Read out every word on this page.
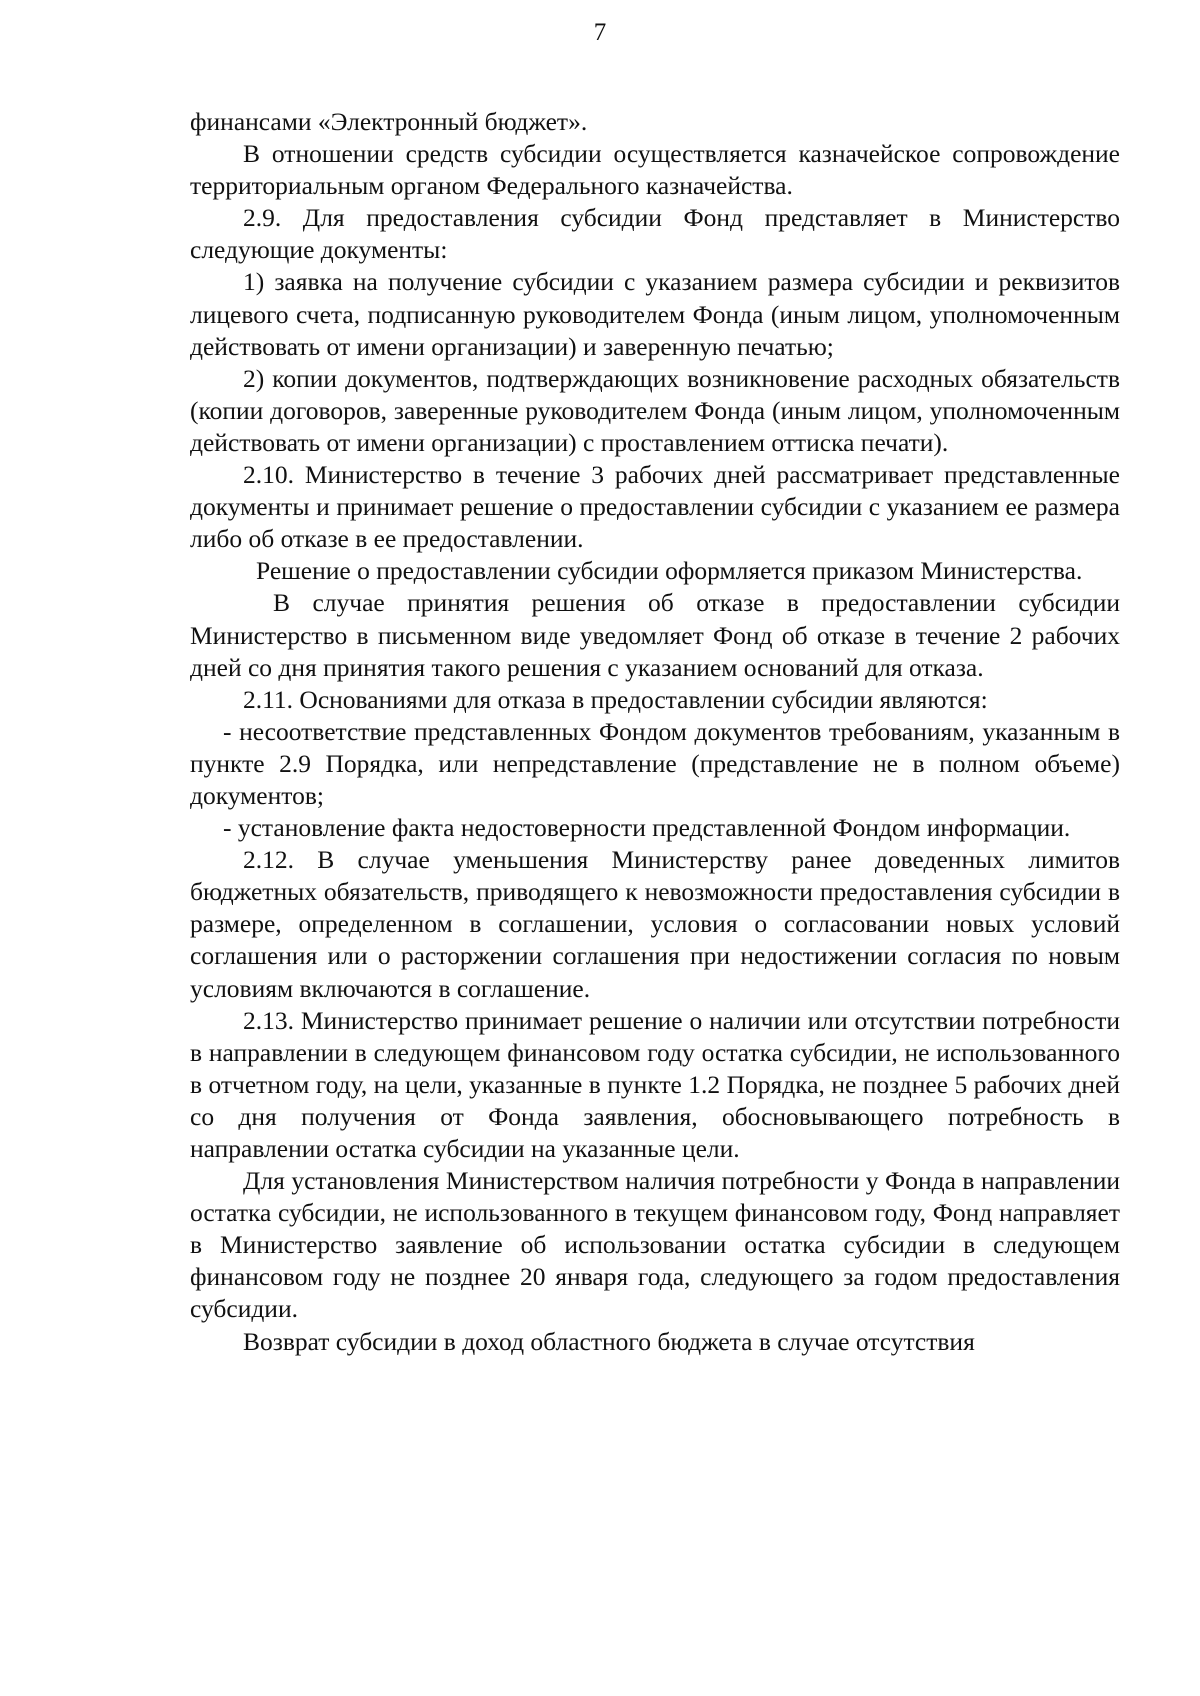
7

финансами «Электронный бюджет».

В отношении средств субсидии осуществляется казначейское сопровождение территориальным органом Федерального казначейства.

2.9. Для предоставления субсидии Фонд представляет в Министерство следующие документы:

1) заявка на получение субсидии с указанием размера субсидии и реквизитов лицевого счета, подписанную руководителем Фонда (иным лицом, уполномоченным действовать от имени организации) и заверенную печатью;

2) копии документов, подтверждающих возникновение расходных обязательств (копии договоров, заверенные руководителем Фонда (иным лицом, уполномоченным действовать от имени организации) с проставлением оттиска печати).

2.10. Министерство в течение 3 рабочих дней рассматривает представленные документы и принимает решение о предоставлении субсидии с указанием ее размера либо об отказе в ее предоставлении.

Решение о предоставлении субсидии оформляется приказом Министерства.

В случае принятия решения об отказе в предоставлении субсидии Министерство в письменном виде уведомляет Фонд об отказе в течение 2 рабочих дней со дня принятия такого решения с указанием оснований для отказа.

2.11. Основаниями для отказа в предоставлении субсидии являются:

- несоответствие представленных Фондом документов требованиям, указанным в пункте 2.9 Порядка, или непредставление (представление не в полном объеме) документов;

- установление факта недостоверности представленной Фондом информации.

2.12. В случае уменьшения Министерству ранее доведенных лимитов бюджетных обязательств, приводящего к невозможности предоставления субсидии в размере, определенном в соглашении, условия о согласовании новых условий соглашения или о расторжении соглашения при недостижении согласия по новым условиям включаются в соглашение.

2.13. Министерство принимает решение о наличии или отсутствии потребности в направлении в следующем финансовом году остатка субсидии, не использованного в отчетном году, на цели, указанные в пункте 1.2 Порядка, не позднее 5 рабочих дней со дня получения от Фонда заявления, обосновывающего потребность в направлении остатка субсидии на указанные цели.

Для установления Министерством наличия потребности у Фонда в направлении остатка субсидии, не использованного в текущем финансовом году, Фонд направляет в Министерство заявление об использовании остатка субсидии в следующем финансовом году не позднее 20 января года, следующего за годом предоставления субсидии.

Возврат субсидии в доход областного бюджета в случае отсутствия
